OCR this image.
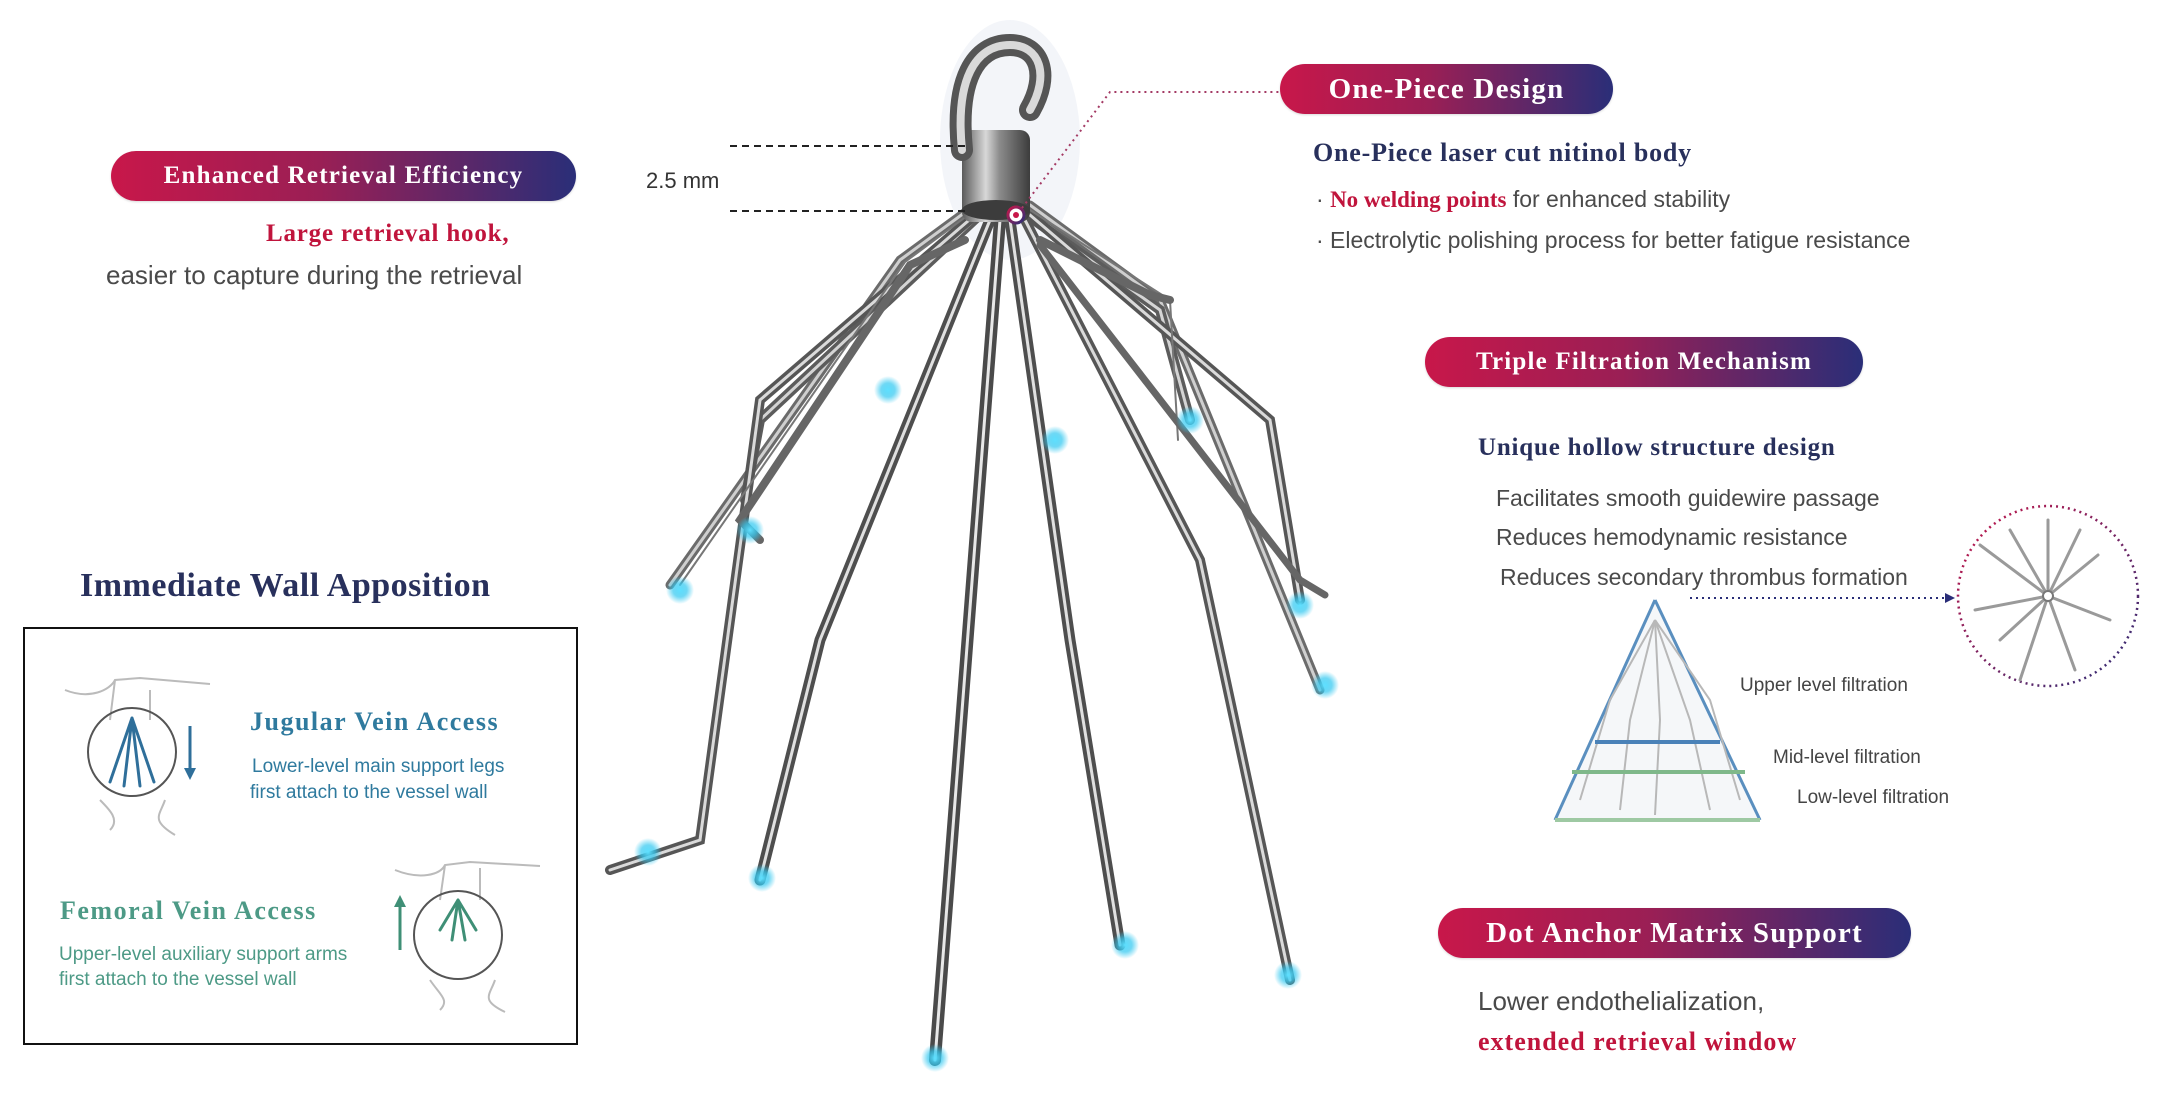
Enhanced Retrieval Efficiency
Large retrieval hook,
easier to capture during the retrieval
2.5 mm
One-Piece Design
One-Piece laser cut nitinol body
· No welding points for enhanced stability
· Electrolytic polishing process for better fatigue resistance
Triple Filtration Mechanism
Unique hollow structure design
Facilitates smooth guidewire passage
Reduces hemodynamic resistance
Reduces secondary thrombus formation
Upper level filtration
Mid-level filtration
Low-level filtration
Dot Anchor Matrix Support
Lower endothelialization,
extended retrieval window
Immediate Wall Apposition
Jugular Vein Access
Lower-level main support legs
first attach to the vessel wall
Femoral Vein Access
Upper-level auxiliary support arms
first attach to the vessel wall
